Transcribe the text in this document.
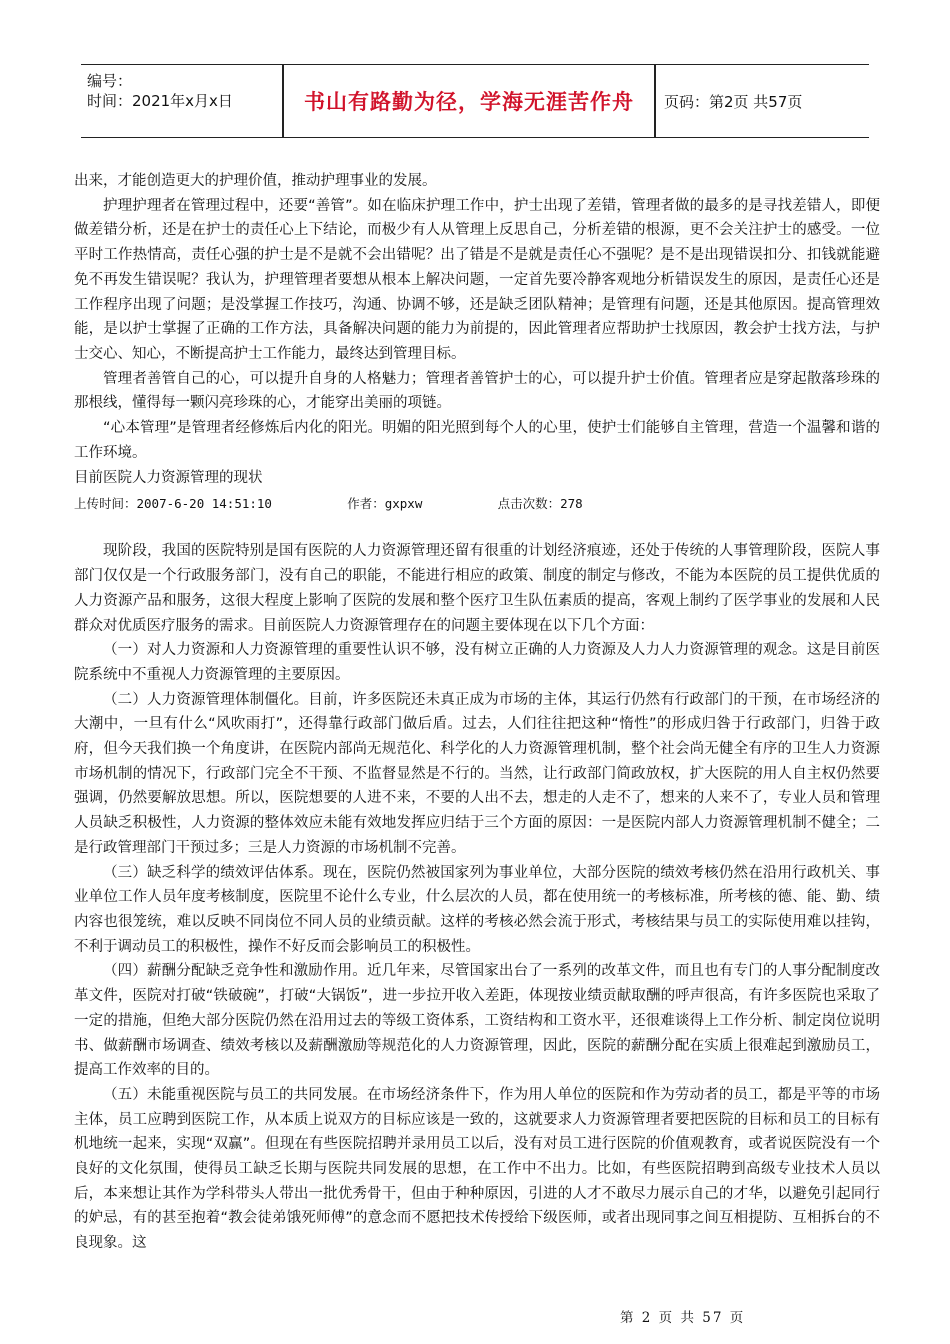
编号：
时间：2021年x月x日	书山有路勤为径，学海无涯苦作舟	页码：第2页 共57页

出来，才能创造更大的护理价值，推动护理事业的发展。

护理护理者在管理过程中，还要“善管”。如在临床护理工作中，护士出现了差错，管理者做的最多的是寻找差错人，即便做差错分析，还是在护士的责任心上下结论，而极少有人从管理上反思自己，分析差错的根源，更不会关注护士的感受。一位平时工作热情高，责任心强的护士是不是就不会出错呢？出了错是不是就是责任心不强呢？是不是出现错误扣分、扣钱就能避免不再发生错误呢？我认为，护理管理者要想从根本上解决问题，一定首先要冷静客观地分析错误发生的原因，是责任心还是工作程序出现了问题；是没掌握工作技巧，沟通、协调不够，还是缺乏团队精神；是管理有问题，还是其他原因。提高管理效能，是以护士掌握了正确的工作方法，具备解决问题的能力为前提的，因此管理者应帮助护士找原因，教会护士找方法，与护士交心、知心，不断提高护士工作能力，最终达到管理目标。

管理者善管自己的心，可以提升自身的人格魅力；管理者善管护士的心，可以提升护士价值。管理者应是穿起散落珍珠的那根线，懂得每一颗闪亮珍珠的心，才能穿出美丽的项链。

“心本管理”是管理者经修炼后内化的阳光。明媚的阳光照到每个人的心里，使护士们能够自主管理，营造一个温馨和谐的工作环境。

目前医院人力资源管理的现状

上传时间：2007-6-20 14:51:10          作者：gxpxw          点击次数：278

现阶段，我国的医院特别是国有医院的人力资源管理还留有很重的计划经济痕迹，还处于传统的人事管理阶段，医院人事部门仅仅是一个行政服务部门，没有自己的职能，不能进行相应的政策、制度的制定与修改，不能为本医院的员工提供优质的人力资源产品和服务，这很大程度上影响了医院的发展和整个医疗卫生队伍素质的提高，客观上制约了医学事业的发展和人民群众对优质医疗服务的需求。目前医院人力资源管理存在的问题主要体现在以下几个方面：

（一）对人力资源和人力资源管理的重要性认识不够，没有树立正确的人力资源及人力人力资源管理的观念。这是目前医院系统中不重视人力资源管理的主要原因。

（二）人力资源管理体制僵化。目前，许多医院还未真正成为市场的主体，其运行仍然有行政部门的干预，在市场经济的大潮中，一旦有什么“风吹雨打”，还得靠行政部门做后盾。过去，人们往往把这种“惰性”的形成归咎于行政部门，归咎于政府，但今天我们换一个角度讲，在医院内部尚无规范化、科学化的人力资源管理机制，整个社会尚无健全有序的卫生人力资源市场机制的情况下，行政部门完全不干预、不监督显然是不行的。当然，让行政部门简政放权，扩大医院的用人自主权仍然要强调，仍然要解放思想。所以，医院想要的人进不来，不要的人出不去，想走的人走不了，想来的人来不了，专业人员和管理人员缺乏积极性，人力资源的整体效应未能有效地发挥应归结于三个方面的原因：一是医院内部人力资源管理机制不健全；二是行政管理部门干预过多；三是人力资源的市场机制不完善。

（三）缺乏科学的绩效评估体系。现在，医院仍然被国家列为事业单位，大部分医院的绩效考核仍然在沿用行政机关、事业单位工作人员年度考核制度，医院里不论什么专业，什么层次的人员，都在使用统一的考核标准，所考核的德、能、勤、绩内容也很笼统，难以反映不同岗位不同人员的业绩贡献。这样的考核必然会流于形式，考核结果与员工的实际使用难以挂钩，不利于调动员工的积极性，操作不好反而会影响员工的积极性。

（四）薪酬分配缺乏竞争性和激励作用。近几年来，尽管国家出台了一系列的改革文件，而且也有专门的人事分配制度改革文件，医院对打破“铁破碗”，打破“大锅饭”，进一步拉开收入差距，体现按业绩贡献取酬的呼声很高，有许多医院也采取了一定的措施，但绝大部分医院仍然在沿用过去的等级工资体系，工资结构和工资水平，还很难谈得上工作分析、制定岗位说明书、做薪酬市场调查、绩效考核以及薪酬激励等规范化的人力资源管理，因此，医院的薪酬分配在实质上很难起到激励员工，提高工作效率的目的。

（五）未能重视医院与员工的共同发展。在市场经济条件下，作为用人单位的医院和作为劳动者的员工，都是平等的市场主体，员工应聘到医院工作，从本质上说双方的目标应该是一致的，这就要求人力资源管理者要把医院的目标和员工的目标有机地统一起来，实现“双赢”。但现在有些医院招聘并录用员工以后，没有对员工进行医院的价值观教育，或者说医院没有一个良好的文化氛围，使得员工缺乏长期与医院共同发展的思想，在工作中不出力。比如，有些医院招聘到高级专业技术人员以后，本来想让其作为学科带头人带出一批优秀骨干，但由于种种原因，引进的人才不敢尽力展示自己的才华，以避免引起同行的妒忌，有的甚至抱着“教会徒弟饿死师傅”的意念而不愿把技术传授给下级医师，或者出现同事之间互相提防、互相拆台的不良现象。这

第 2 页 共 57 页
